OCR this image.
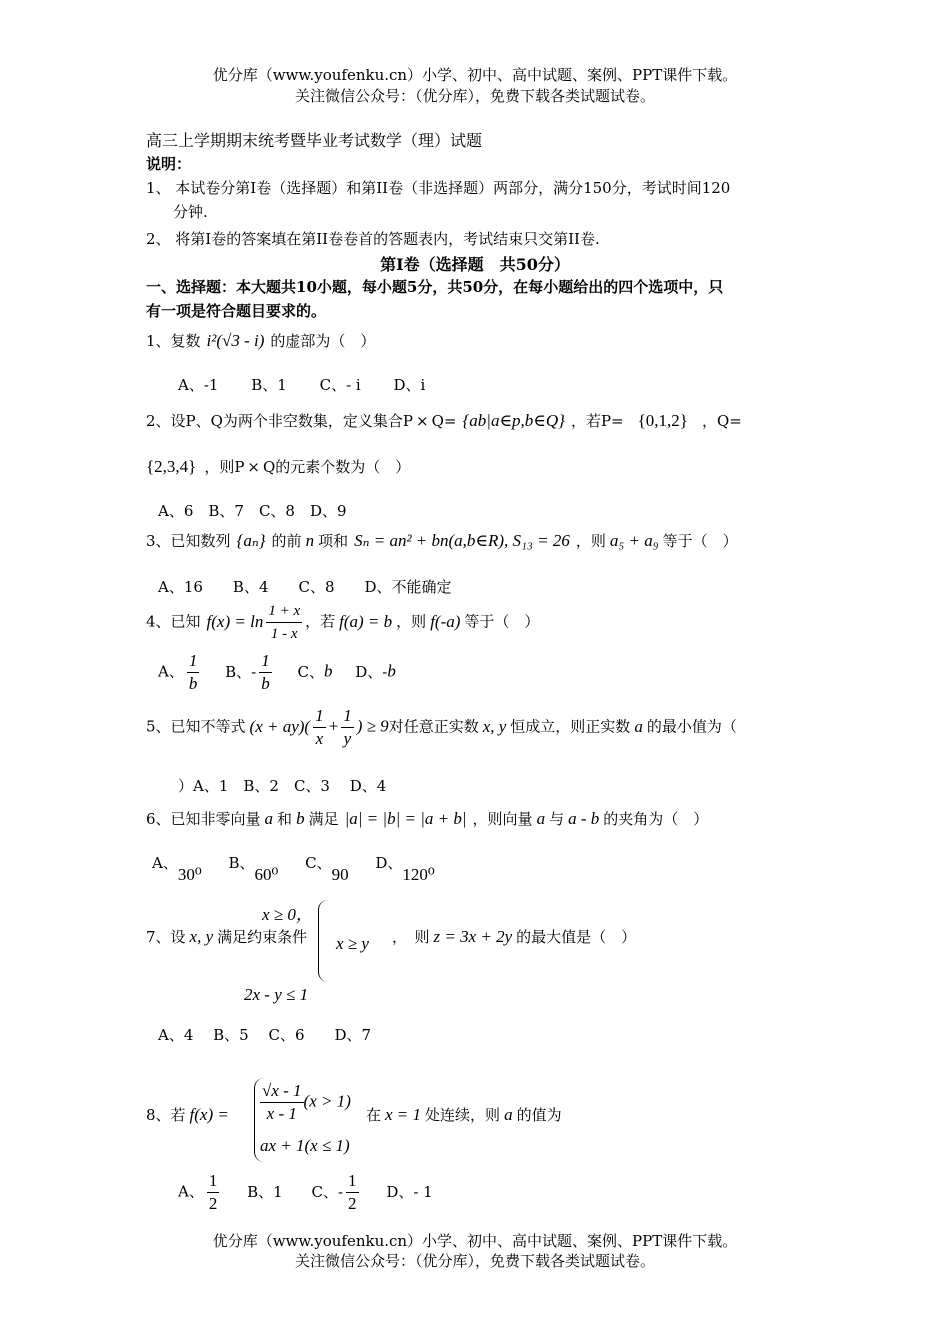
优分库（www.youfenku.cn）小学、初中、高中试题、案例、PPT课件下载。
关注微信公众号：（优分库），免费下载各类试题试卷。
高三上学期期末统考暨毕业考试数学（理）试题
说明：
1、 本试卷分第I卷（选择题）和第II卷（非选择题）两部分，满分150分，考试时间120
分钟.
2、 将第I卷的答案填在第II卷卷首的答题表内，考试结束只交第II卷.
第I卷（选择题　共50分）
一、选择题：本大题共10小题，每小题5分，共50分，在每小题给出的四个选项中，只
有一项是符合题目要求的。
1、复数 i²(√3 - i) 的虚部为（　）
A、-1 B、1 C、- i D、i
2、设P、Q为两个非空数集，定义集合P × Q= {ab|a∈p,b∈Q} ，若P= {0,1,2} ，Q=
{2,3,4} ，则P × Q的元素个数为（　）
A、6　B、7　C、8　D、9
3、已知数列 {aₙ} 的前 n 项和 Sₙ = an² + bn(a,b∈R), S₁₃ = 26 ，则 a₅ + a₉ 等于（　）
A、16　　B、4　　C、8　　D、不能确定
4、已知 $f(x) = \ln \frac{1 + x}{1 - x}$ ，若 f(a) = b ，则 f(-a) 等于（　）
A、 $\frac{1}{b}$ B、- $\frac{1}{b}$ C、b D、-b
5、已知不等式 $(x + ay)( \frac{1}{x} + \frac{1}{y}$ ) ≥ 9对任意正实数 x, y 恒成立，则正实数 a 的最小值为（
）A、1　B、2　C、3　 D、4
6、已知非零向量 a 和 b 满足 |a| = |b| = |a + b| ，则向量 a 与 a - b 的夹角为（　）
A、30⁰ B、60⁰ C、90 D、120⁰
x ≥ 0，
7、设 x, y 满足约束条件 x ≥ y ，　则 z = 3x + 2y 的最大值是（　）
2x - y ≤ 1
A、4　 B、5　 C、6　　D、7
8、若 $f(x) = \frac{√x - 1}{x - 1} (x > 1)$
在 x = 1 处连续，则 a 的值为
ax + 1(x ≤ 1)
A、 $\frac{1}{2}$ B、1 C、- $\frac{1}{2}$ D、- 1
优分库（www.youfenku.cn）小学、初中、高中试题、案例、PPT课件下载。
关注微信公众号：（优分库），免费下载各类试题试卷。
